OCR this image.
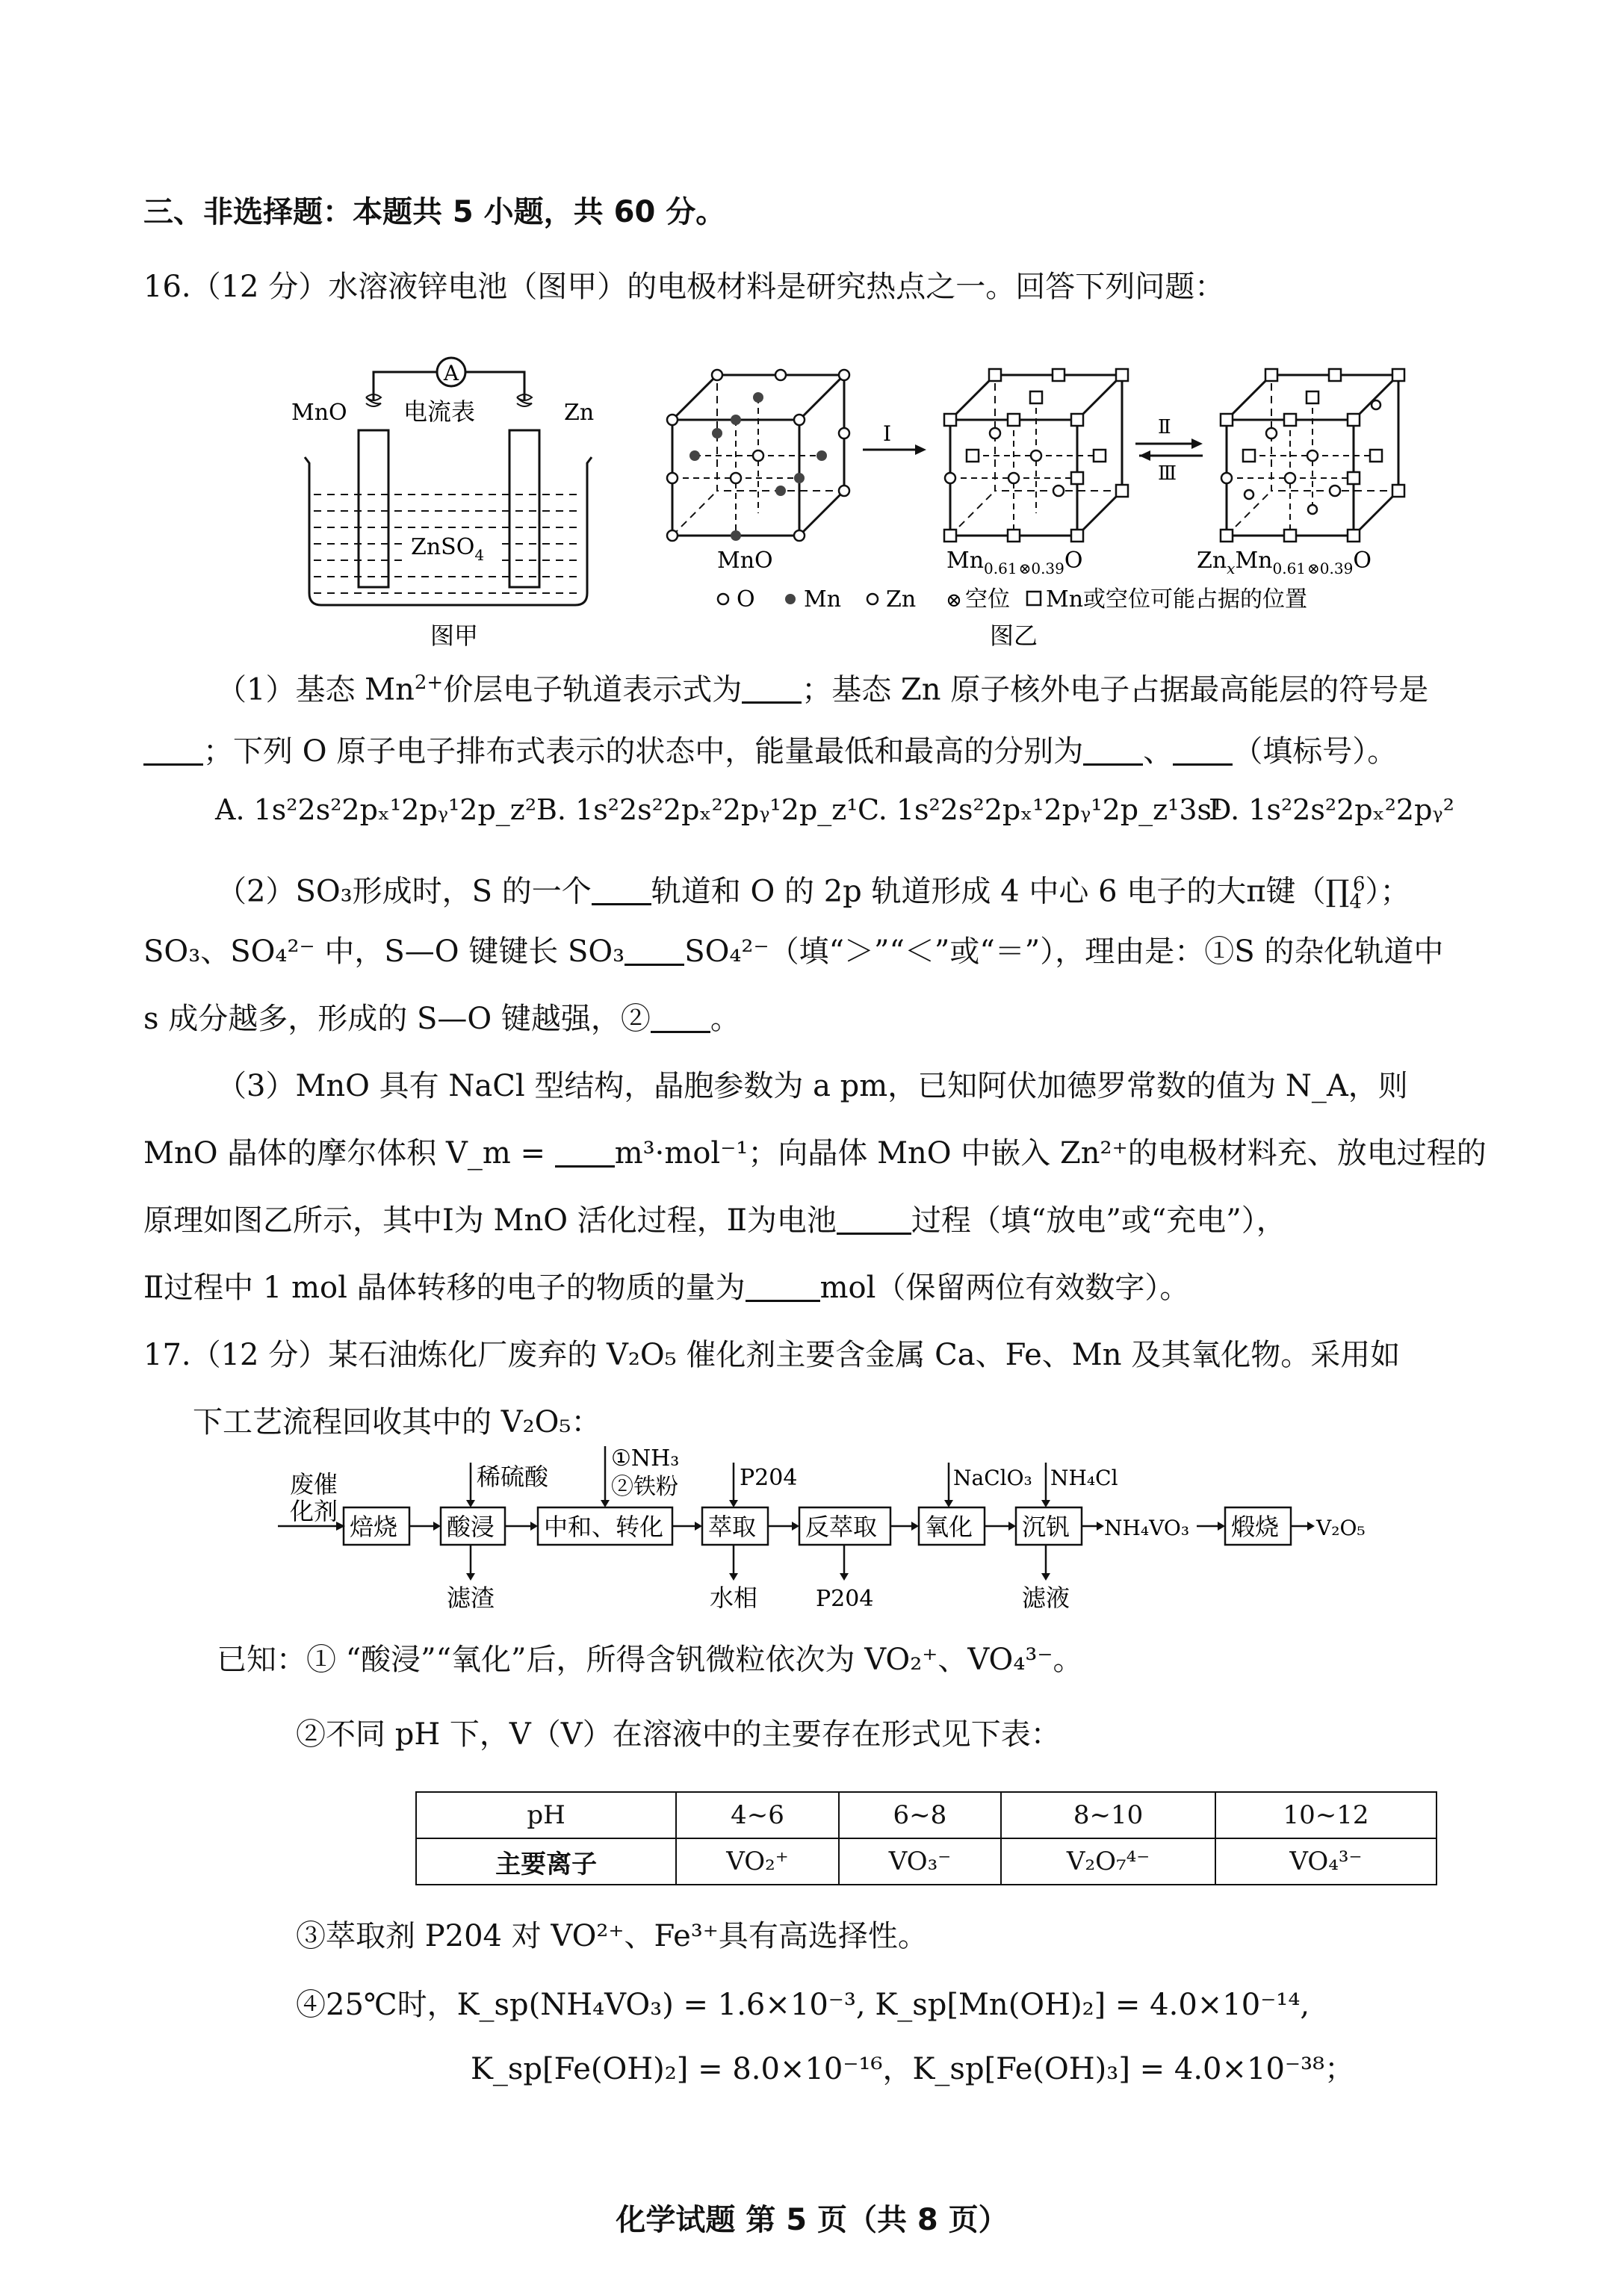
三、非选择题：本题共 5 小题，共 60 分。
16.（12 分）水溶液锌电池（图甲）的电极材料是研究热点之一。回答下列问题：
A
ZnSO$_4$
MnO 电流表	Zn
图甲
MnO
I
$Mn_{0.61}$ ⊗0.39O
Ⅱ
Ⅲ
$Zn_xMn_{0.61}$ ⊗0.39O
O Mn Zn ⊗ 空位 Mn或空位可能占据的位置
图乙
（1）基态 $Mn^{2+}$价层电子轨道表示式为 ；基态 Zn 原子核外电子占据最高能层的符号是
；下列 O 原子电子排布式表示的状态中，能量最低和最高的分别为 、 （填标号）。
A. 1s²2s²2pₓ¹2pᵧ¹2p_z²B. 1s²2s²2pₓ²2pᵧ¹2p_z¹C. 1s²2s²2pₓ¹2pᵧ¹2p_z¹3s¹D. 1s²2s²2pₓ²2pᵧ²
（2）SO₃形成时，S 的一个 轨道和 O 的 2p 轨道形成 4 中心 6 电子的大π键$(\prod_4^6)$；
SO₃、SO₄²⁻ 中，S—O 键键长 SO₃ SO₄²⁻（填“＞”“＜”或“＝”），理由是：①S 的杂化轨道中
s 成分越多，形成的 S—O 键越强，② 。
（3）MnO 具有 NaCl 型结构，晶胞参数为 a pm，已知阿伏加德罗常数的值为 N_A，则
MnO 晶体的摩尔体积 V_m = m³·mol⁻¹；向晶体 MnO 中嵌入 Zn²⁺的电极材料充、放电过程的
原理如图乙所示，其中Ⅰ为 MnO 活化过程，Ⅱ为电池	过程（填“放电”或“充电”），
Ⅱ过程中 1 mol 晶体转移的电子的物质的量为	mol（保留两位有效数字）。
17.（12 分）某石油炼化厂废弃的 V₂O₅ 催化剂主要含金属 Ca、Fe、Mn 及其氧化物。采用如
下工艺流程回收其中的 V₂O₅：
废催
化剂
焙烧 酸浸 中和、转化 萃取 反萃取 氧化 沉钒	煅烧
稀硫酸
①NH₃
②铁粉	P204	NaClO₃ NH₄Cl
NH₄VO₃	V₂O₅
滤渣	水相	P204	滤液
已知：① “酸浸”“氧化”后，所得含钒微粒依次为 VO₂⁺、VO₄³⁻。
②不同 pH 下，V（Ⅴ）在溶液中的主要存在形式见下表：
pH	4~6	6~8	8~10	10~12
主要离子	VO₂⁺	VO₃⁻	V₂O₇⁴⁻	VO₄³⁻
③萃取剂 P204 对 VO²⁺、Fe³⁺具有高选择性。
④25℃时，K_sp(NH₄VO₃) = 1.6×10⁻³, K_sp[Mn(OH)₂] = 4.0×10⁻¹⁴,
K_sp[Fe(OH)₂] = 8.0×10⁻¹⁶，K_sp[Fe(OH)₃] = 4.0×10⁻³⁸；
化学试题 第 5 页（共 8 页）
